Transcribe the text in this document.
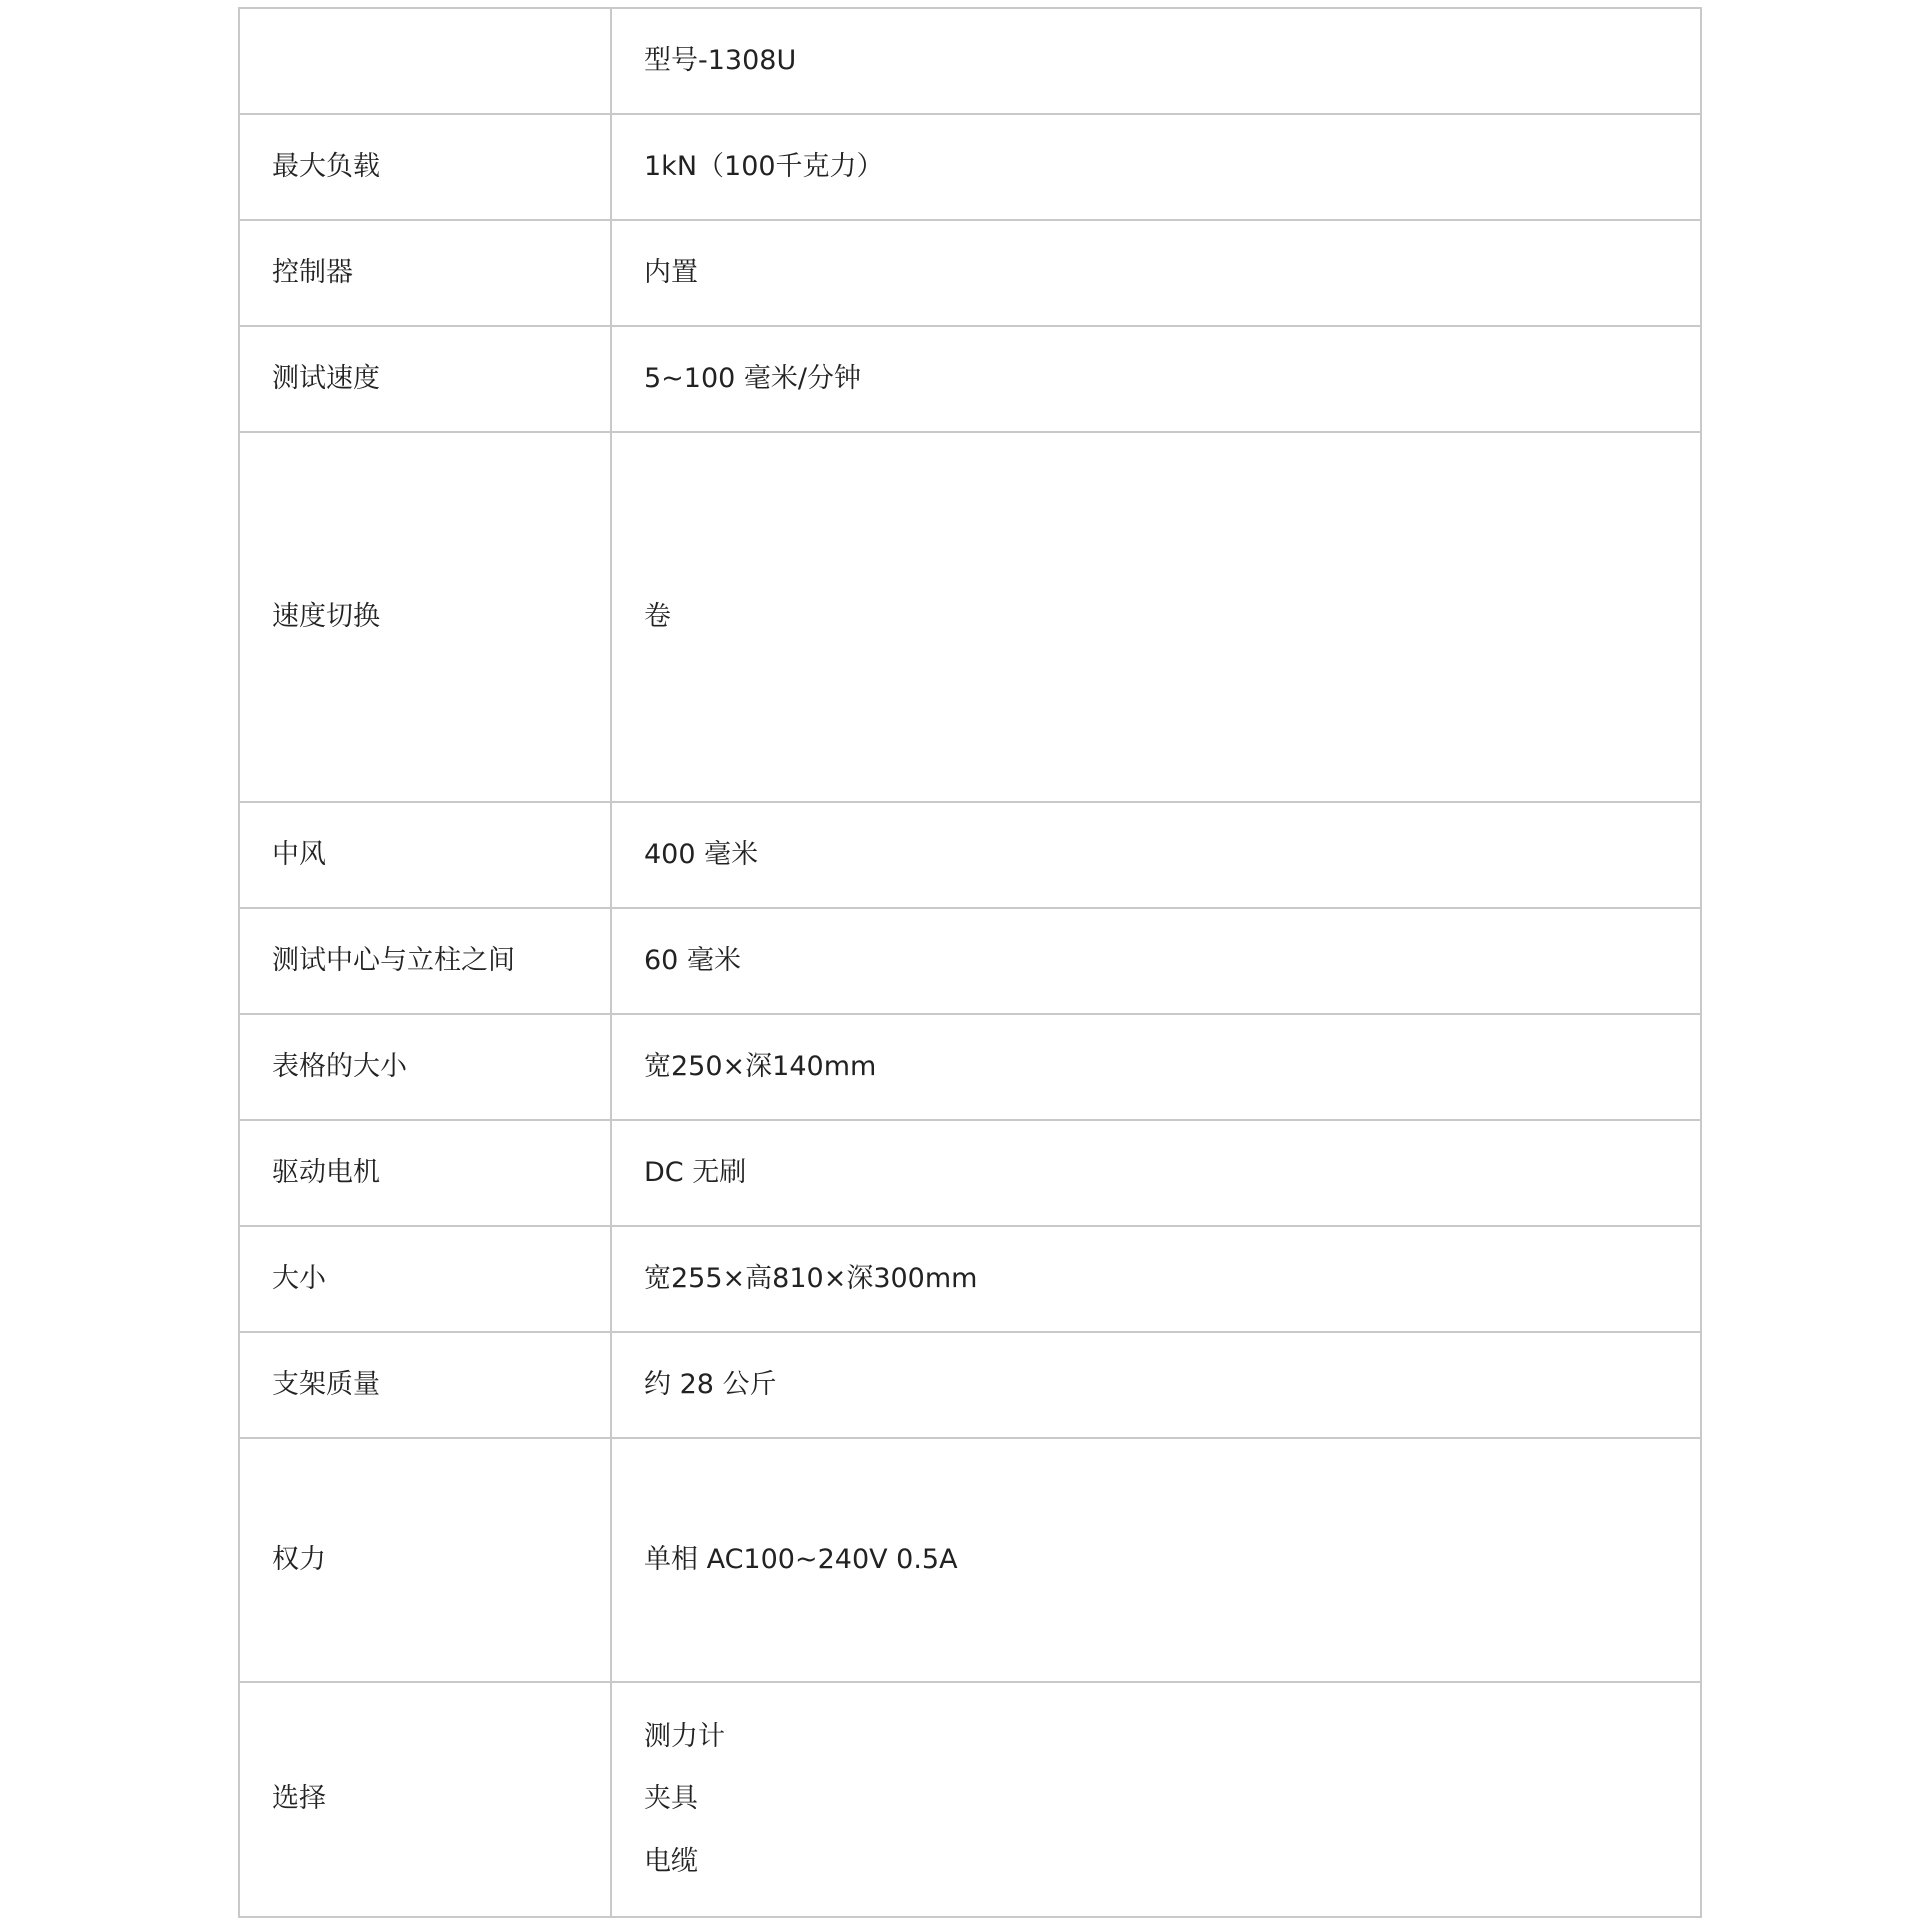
	型号-1308U
最大负载	1kN（100千克力）
控制器	内置
测试速度	5~100 毫米/分钟
速度切换	卷
中风	400 毫米
测试中心与立柱之间	60 毫米
表格的大小	宽250×深140mm
驱动电机	DC 无刷
大小	宽255×高810×深300mm
支架质量	约 28 公斤
权力	单相 AC100~240V 0.5A
选择	测力计
夹具
电缆
